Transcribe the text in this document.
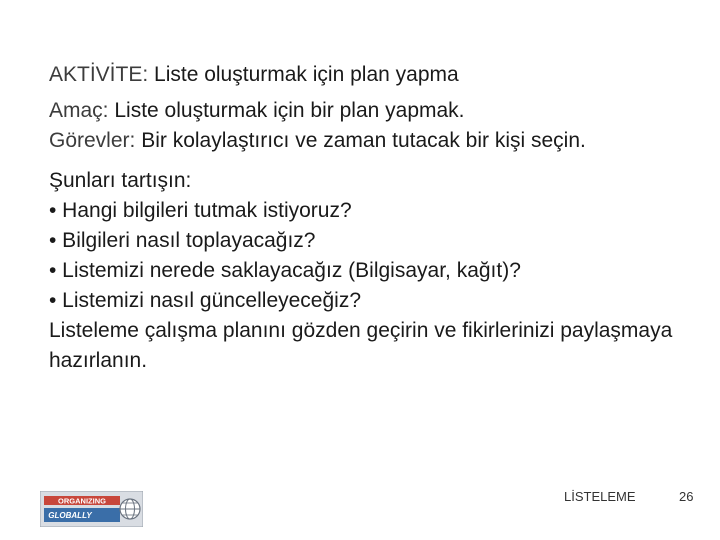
AKTİVİTE: Liste oluşturmak için plan yapma

Amaç: Liste oluşturmak için bir plan yapmak.

Görevler: Bir kolaylaştırıcı ve zaman tutacak bir kişi seçin.

Şunları tartışın:

• Hangi bilgileri tutmak istiyoruz?

• Bilgileri nasıl toplayacağız?

• Listemizi nerede saklayacağız (Bilgisayar, kağıt)?

• Listemizi nasıl güncelleyeceğiz?

Listeleme çalışma planını gözden geçirin ve fikirlerinizi paylaşmaya hazırlanın.

ORGANIZING
GLOBALLY
LİSTELEME	26
